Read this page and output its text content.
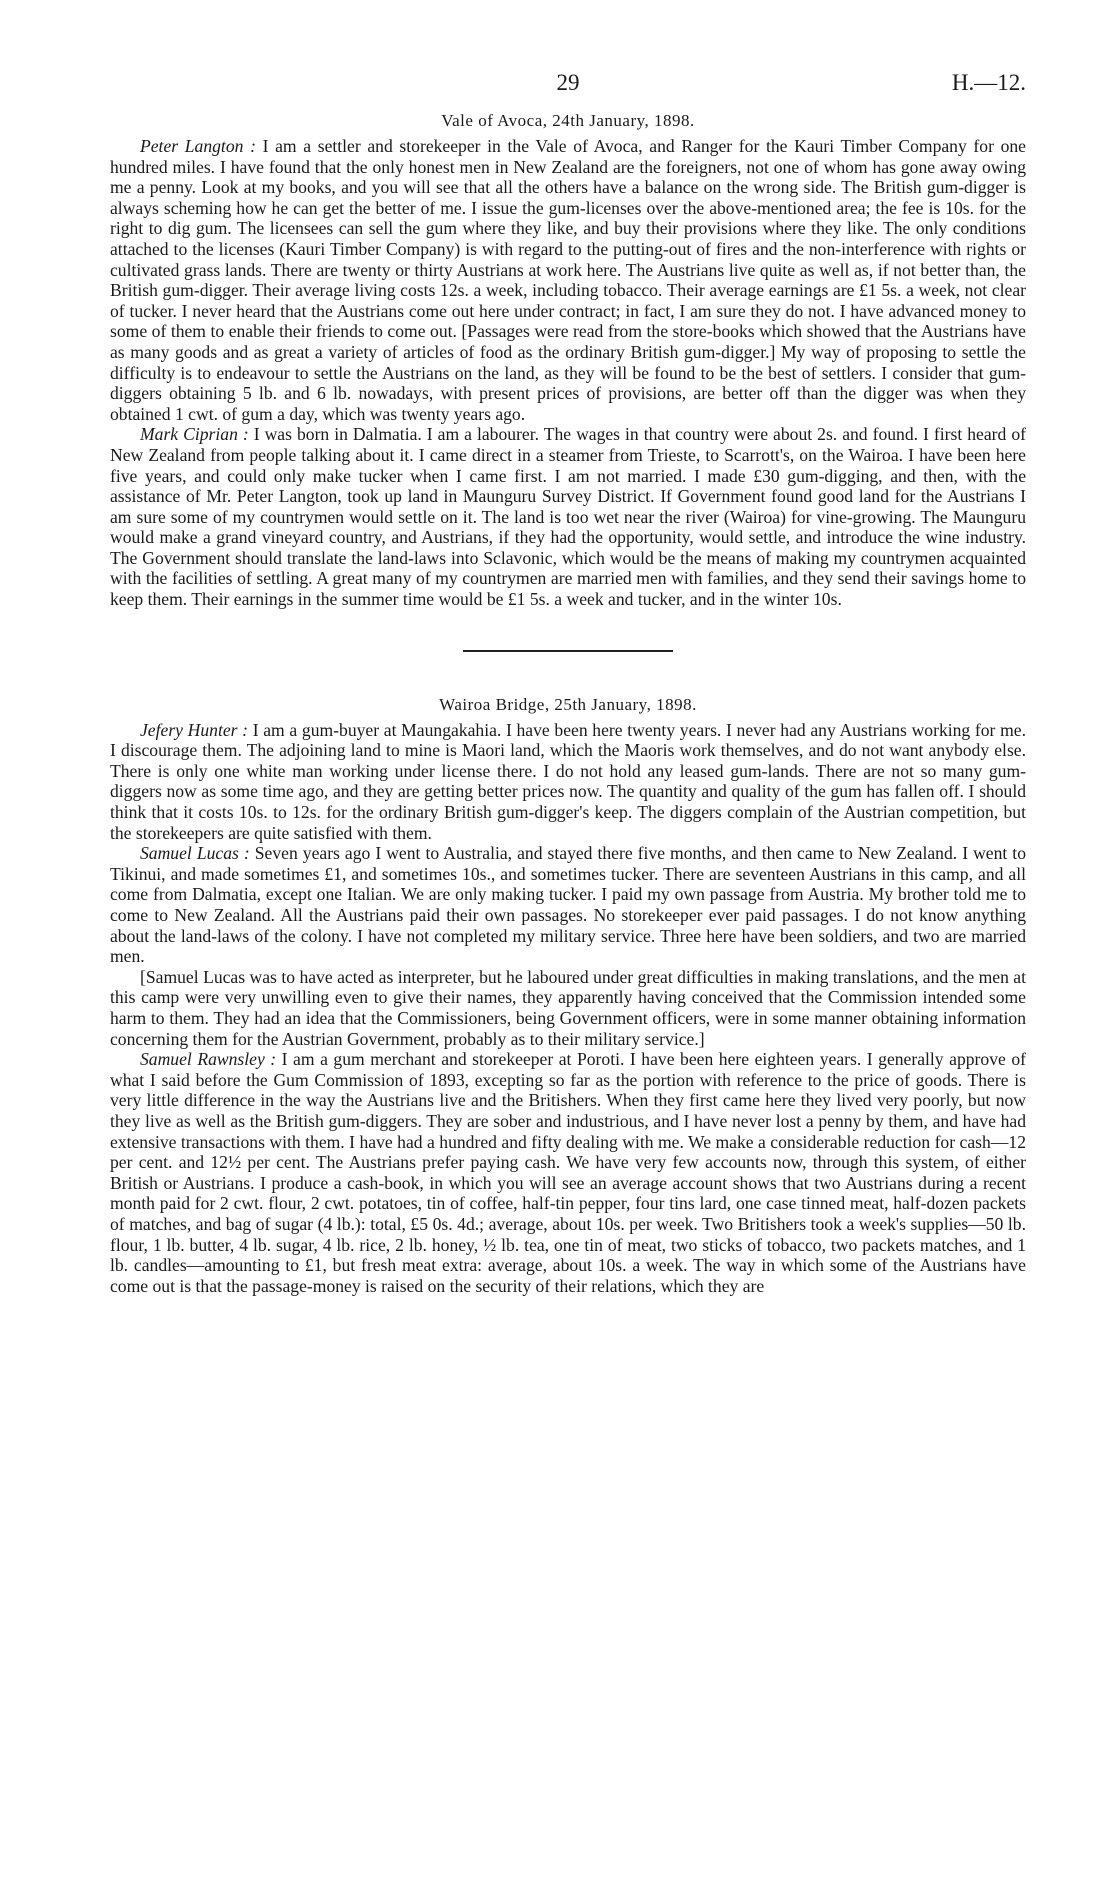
29	H.—12.
Vale of Avoca, 24th January, 1898.

Peter Langton : I am a settler and storekeeper in the Vale of Avoca, and Ranger for the Kauri Timber Company for one hundred miles. I have found that the only honest men in New Zealand are the foreigners, not one of whom has gone away owing me a penny. Look at my books, and you will see that all the others have a balance on the wrong side. The British gum-digger is always scheming how he can get the better of me. I issue the gum-licenses over the above-mentioned area; the fee is 10s. for the right to dig gum. The licensees can sell the gum where they like, and buy their provisions where they like. The only conditions attached to the licenses (Kauri Timber Company) is with regard to the putting-out of fires and the non-interference with rights or cultivated grass lands. There are twenty or thirty Austrians at work here. The Austrians live quite as well as, if not better than, the British gum-digger. Their average living costs 12s. a week, including tobacco. Their average earnings are £1 5s. a week, not clear of tucker. I never heard that the Austrians come out here under contract; in fact, I am sure they do not. I have advanced money to some of them to enable their friends to come out. [Passages were read from the store-books which showed that the Austrians have as many goods and as great a variety of articles of food as the ordinary British gum-digger.] My way of proposing to settle the difficulty is to endeavour to settle the Austrians on the land, as they will be found to be the best of settlers. I consider that gum-diggers obtaining 5 lb. and 6 lb. nowadays, with present prices of provisions, are better off than the digger was when they obtained 1 cwt. of gum a day, which was twenty years ago.

Mark Ciprian : I was born in Dalmatia. I am a labourer. The wages in that country were about 2s. and found. I first heard of New Zealand from people talking about it. I came direct in a steamer from Trieste, to Scarrott's, on the Wairoa. I have been here five years, and could only make tucker when I came first. I am not married. I made £30 gum-digging, and then, with the assistance of Mr. Peter Langton, took up land in Maunguru Survey District. If Government found good land for the Austrians I am sure some of my countrymen would settle on it. The land is too wet near the river (Wairoa) for vine-growing. The Maunguru would make a grand vineyard country, and Austrians, if they had the opportunity, would settle, and introduce the wine industry. The Government should translate the land-laws into Sclavonic, which would be the means of making my countrymen acquainted with the facilities of settling. A great many of my countrymen are married men with families, and they send their savings home to keep them. Their earnings in the summer time would be £1 5s. a week and tucker, and in the winter 10s.

Wairoa Bridge, 25th January, 1898.

Jefery Hunter : I am a gum-buyer at Maungakahia. I have been here twenty years. I never had any Austrians working for me. I discourage them. The adjoining land to mine is Maori land, which the Maoris work themselves, and do not want anybody else. There is only one white man working under license there. I do not hold any leased gum-lands. There are not so many gum-diggers now as some time ago, and they are getting better prices now. The quantity and quality of the gum has fallen off. I should think that it costs 10s. to 12s. for the ordinary British gum-digger's keep. The diggers complain of the Austrian competition, but the storekeepers are quite satisfied with them.

Samuel Lucas : Seven years ago I went to Australia, and stayed there five months, and then came to New Zealand. I went to Tikinui, and made sometimes £1, and sometimes 10s., and sometimes tucker. There are seventeen Austrians in this camp, and all come from Dalmatia, except one Italian. We are only making tucker. I paid my own passage from Austria. My brother told me to come to New Zealand. All the Austrians paid their own passages. No storekeeper ever paid passages. I do not know anything about the land-laws of the colony. I have not completed my military service. Three here have been soldiers, and two are married men.

[Samuel Lucas was to have acted as interpreter, but he laboured under great difficulties in making translations, and the men at this camp were very unwilling even to give their names, they apparently having conceived that the Commission intended some harm to them. They had an idea that the Commissioners, being Government officers, were in some manner obtaining information concerning them for the Austrian Government, probably as to their military service.]

Samuel Rawnsley : I am a gum merchant and storekeeper at Poroti. I have been here eighteen years. I generally approve of what I said before the Gum Commission of 1893, excepting so far as the portion with reference to the price of goods. There is very little difference in the way the Austrians live and the Britishers. When they first came here they lived very poorly, but now they live as well as the British gum-diggers. They are sober and industrious, and I have never lost a penny by them, and have had extensive transactions with them. I have had a hundred and fifty dealing with me. We make a considerable reduction for cash—12 per cent. and 12½ per cent. The Austrians prefer paying cash. We have very few accounts now, through this system, of either British or Austrians. I produce a cash-book, in which you will see an average account shows that two Austrians during a recent month paid for 2 cwt. flour, 2 cwt. potatoes, tin of coffee, half-tin pepper, four tins lard, one case tinned meat, half-dozen packets of matches, and bag of sugar (4 lb.): total, £5 0s. 4d.; average, about 10s. per week. Two Britishers took a week's supplies—50 lb. flour, 1 lb. butter, 4 lb. sugar, 4 lb. rice, 2 lb. honey, ½ lb. tea, one tin of meat, two sticks of tobacco, two packets matches, and 1 lb. candles—amounting to £1, but fresh meat extra: average, about 10s. a week. The way in which some of the Austrians have come out is that the passage-money is raised on the security of their relations, which they are
